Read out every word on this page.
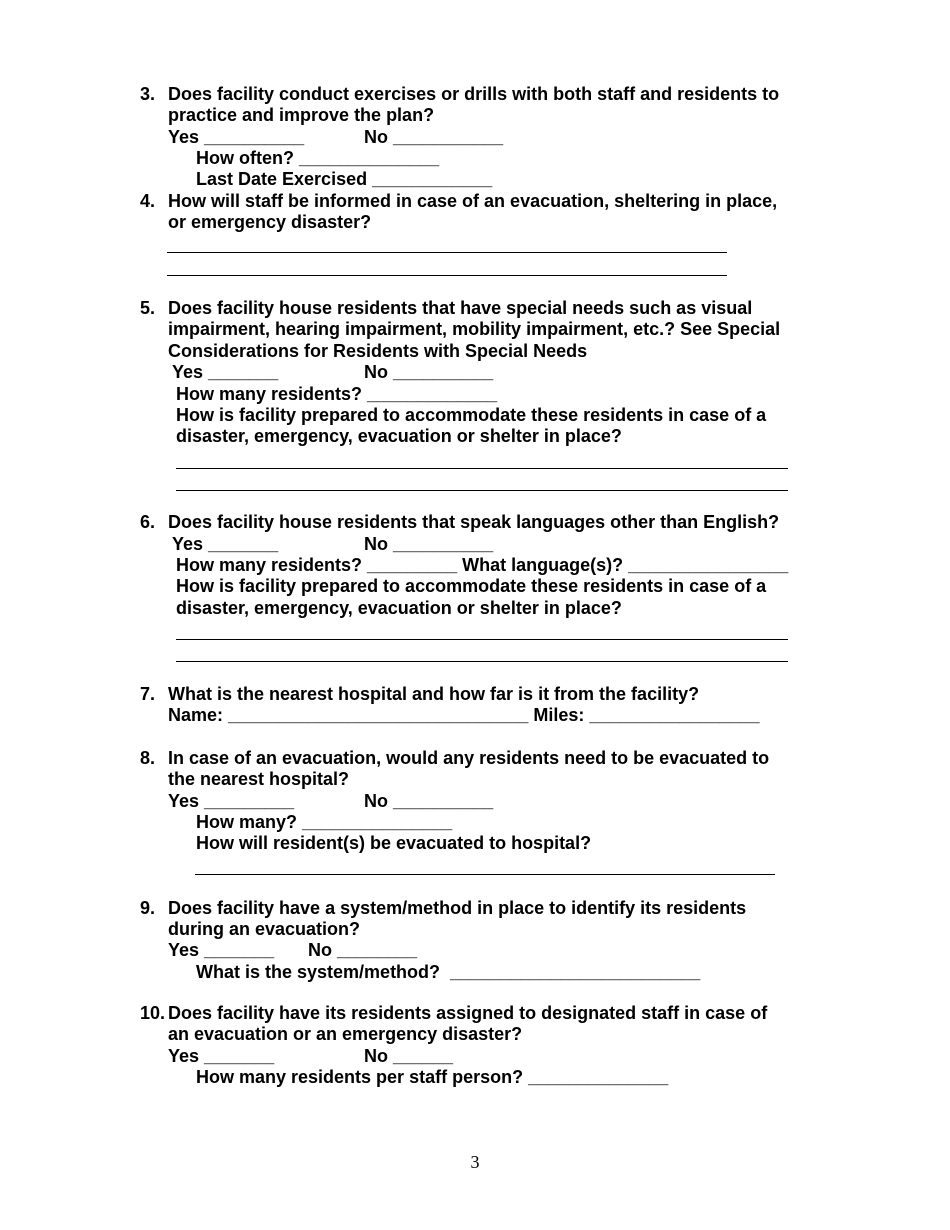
3. Does facility conduct exercises or drills with both staff and residents to

practice and improve the plan?

Yes __________	No ___________

How often? ______________

Last Date Exercised ____________

4. How will staff be informed in case of an evacuation, sheltering in place,

or emergency disaster?

5. Does facility house residents that have special needs such as visual

impairment, hearing impairment, mobility impairment, etc.? See Special

Considerations for Residents with Special Needs

Yes _______	No __________

How many residents? _____________

How is facility prepared to accommodate these residents in case of a

disaster, emergency, evacuation or shelter in place?

6. Does facility house residents that speak languages other than English?

Yes _______	No __________

How many residents? _________ What language(s)? ________________

How is facility prepared to accommodate these residents in case of a

disaster, emergency, evacuation or shelter in place?

7. What is the nearest hospital and how far is it from the facility?

Name: ______________________________ Miles: _________________

8. In case of an evacuation, would any residents need to be evacuated to

the nearest hospital?

Yes _________	No __________

How many? _______________

How will resident(s) be evacuated to hospital?

9. Does facility have a system/method in place to identify its residents

during an evacuation?

Yes _______ No ________

What is the system/method?  _________________________

10. Does facility have its residents assigned to designated staff in case of

an evacuation or an emergency disaster?

Yes _______	No ______

How many residents per staff person? ______________

3
